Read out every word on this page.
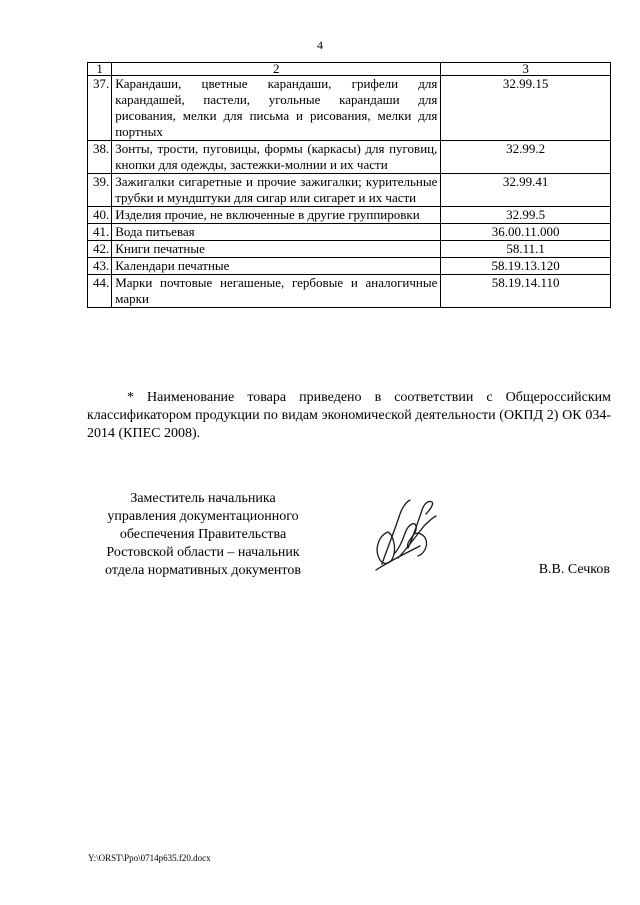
4
1	2	3
37.	Карандаши, цветные карандаши, грифели для карандашей, пастели, угольные карандаши для рисования, мелки для письма и рисования, мелки для портных	32.99.15
38.	Зонты, трости, пуговицы, формы (каркасы) для пуговиц, кнопки для одежды, застежки-молнии и их части	32.99.2
39.	Зажигалки сигаретные и прочие зажигалки; курительные трубки и мундштуки для сигар или сигарет и их части	32.99.41
40.	Изделия прочие, не включенные в другие группировки	32.99.5
41.	Вода питьевая	36.00.11.000
42.	Книги печатные	58.11.1
43.	Календари печатные	58.19.13.120
44.	Марки почтовые негашеные, гербовые и аналогичные марки	58.19.14.110

* Наименование товара приведено в соответствии с Общероссийским классификатором продукции по видам экономической деятельности (ОКПД 2) ОК 034-2014 (КПЕС 2008).

Заместитель начальника
управления документационного
обеспечения Правительства
Ростовской области – начальник
отдела нормативных документов	В.В. Сечков
Y:\ORST\Ppo\0714p635.f20.docx
